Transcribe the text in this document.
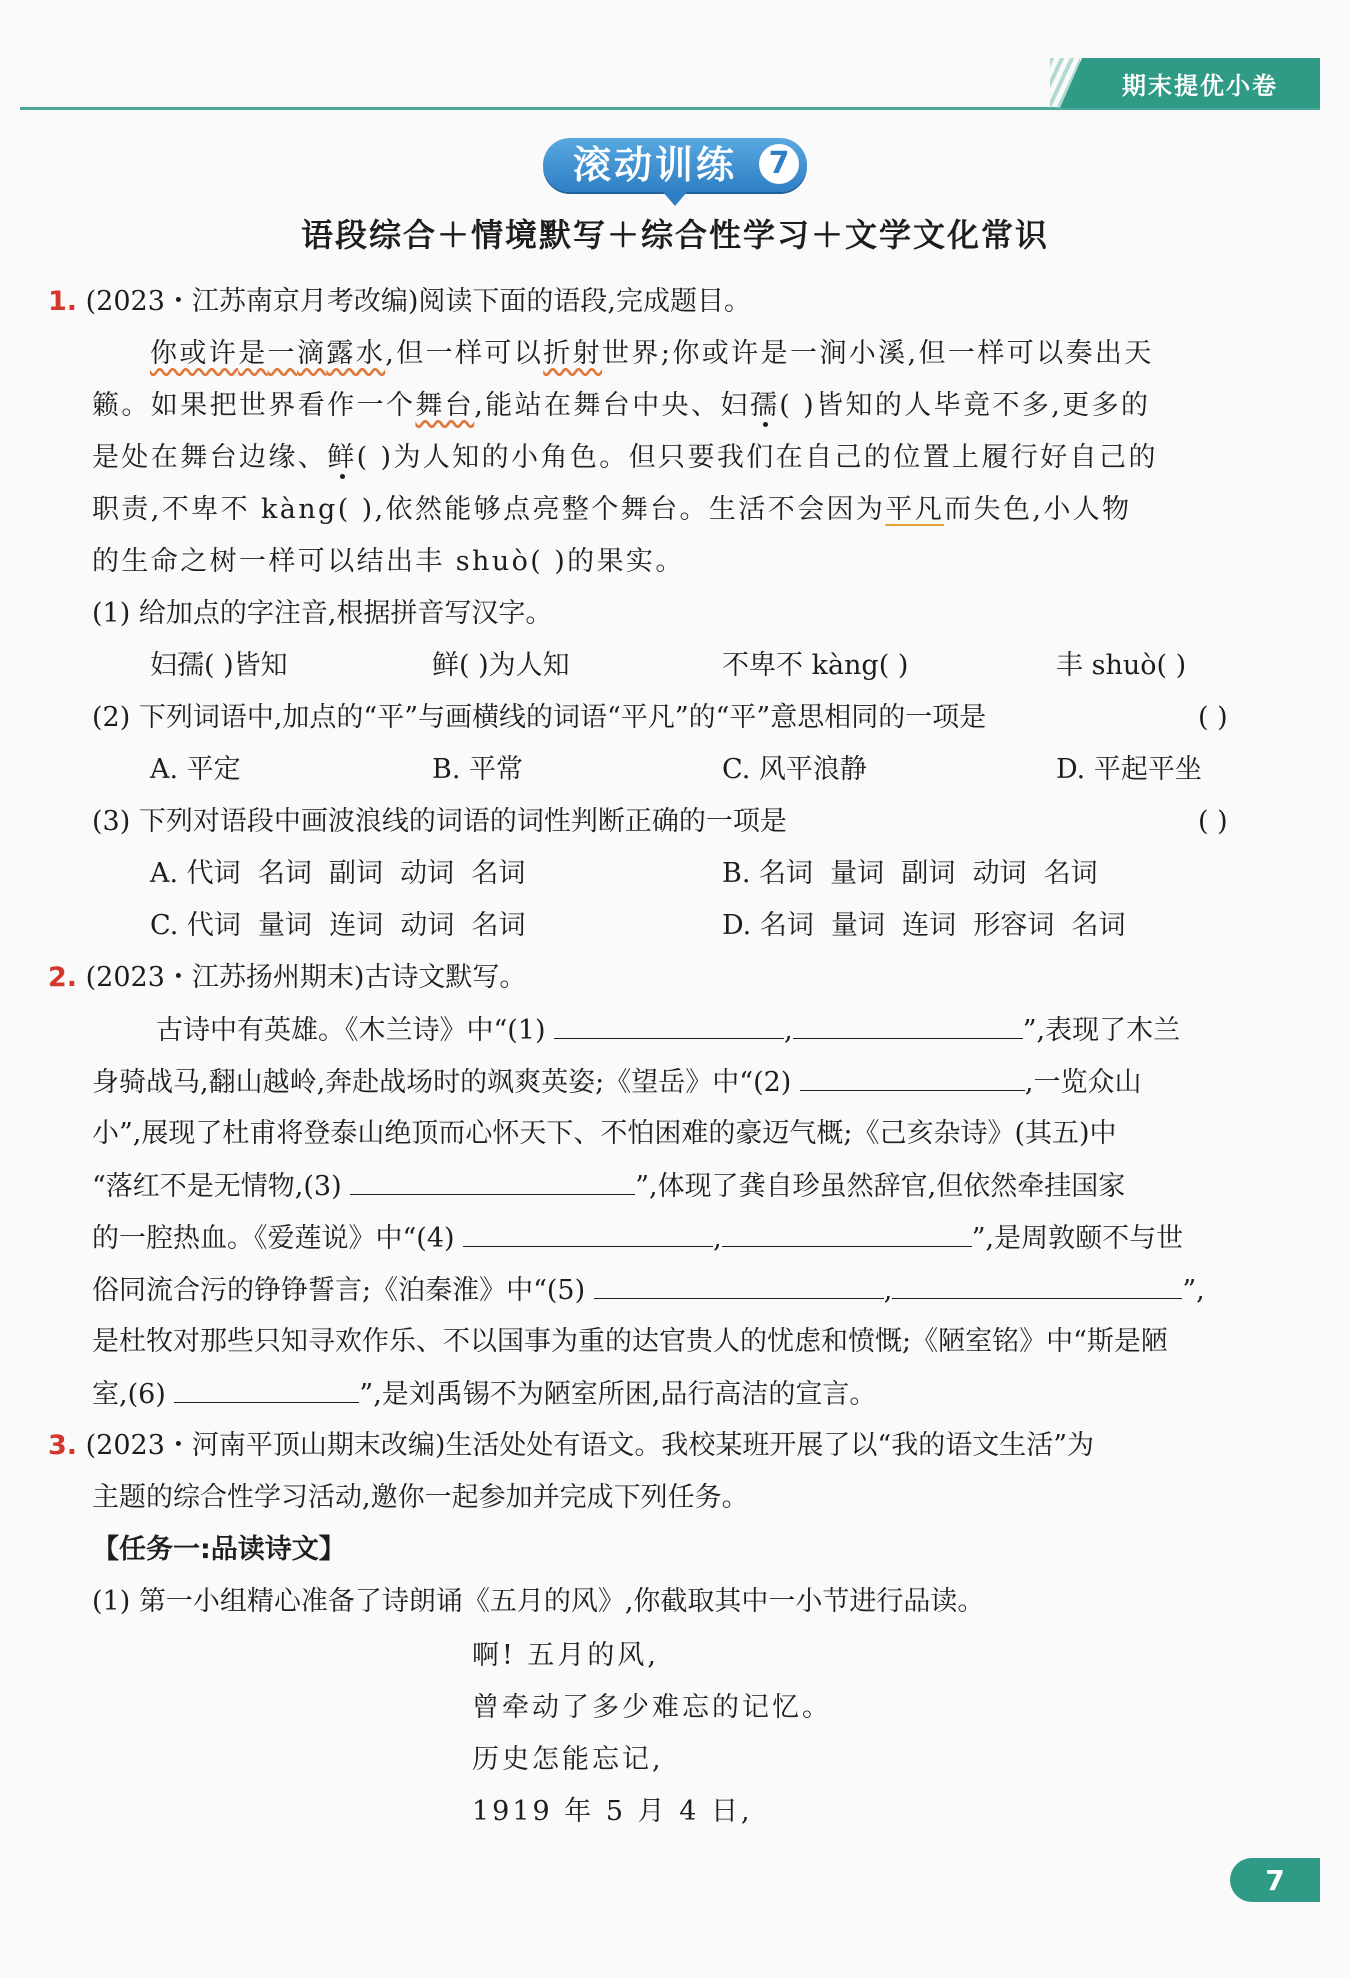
期末提优小卷
滚动训练	7
语段综合＋情境默写＋综合性学习＋文学文化常识
1. (2023・江苏南京月考改编)阅读下面的语段,完成题目。
你或许是一滴露水,但一样可以折射世界;你或许是一涧小溪,但一样可以奏出天
籁。如果把世界看作一个舞台,能站在舞台中央、妇孺( )皆知的人毕竟不多,更多的
是处在舞台边缘、鲜( )为人知的小角色。但只要我们在自己的位置上履行好自己的
职责,不卑不 kàng( ),依然能够点亮整个舞台。生活不会因为平凡而失色,小人物
的生命之树一样可以结出丰 shuò( )的果实。
(1) 给加点的字注音,根据拼音写汉字。
妇孺( )皆知	鲜( )为人知	不卑不 kàng( )	丰 shuò( )
(2) 下列词语中,加点的“平”与画横线的词语“平凡”的“平”意思相同的一项是	( )
A. 平定	B. 平常	C. 风平浪静	D. 平起平坐
(3) 下列对语段中画波浪线的词语的词性判断正确的一项是	( )
A. 代词  名词  副词  动词  名词	B. 名词  量词  副词  动词  名词
C. 代词  量词  连词  动词  名词	D. 名词  量词  连词  形容词  名词
2. (2023・江苏扬州期末)古诗文默写。
古诗中有英雄。《木兰诗》中“(1)	,	”,表现了木兰
身骑战马,翻山越岭,奔赴战场时的飒爽英姿;《望岳》中“(2)	,一览众山
小”,展现了杜甫将登泰山绝顶而心怀天下、不怕困难的豪迈气概;《己亥杂诗》(其五)中
“落红不是无情物,(3)	”,体现了龚自珍虽然辞官,但依然牵挂国家
的一腔热血。《爱莲说》中“(4)	,	”,是周敦颐不与世
俗同流合污的铮铮誓言;《泊秦淮》中“(5)	,	”,
是杜牧对那些只知寻欢作乐、不以国事为重的达官贵人的忧虑和愤慨;《陋室铭》中“斯是陋
室,(6)	”,是刘禹锡不为陋室所困,品行高洁的宣言。
3. (2023・河南平顶山期末改编)生活处处有语文。我校某班开展了以“我的语文生活”为
主题的综合性学习活动,邀你一起参加并完成下列任务。
【任务一:品读诗文】
(1) 第一小组精心准备了诗朗诵《五月的风》,你截取其中一小节进行品读。
啊! 五月的风,
曾牵动了多少难忘的记忆。
历史怎能忘记,
1919 年 5 月 4 日,
7
